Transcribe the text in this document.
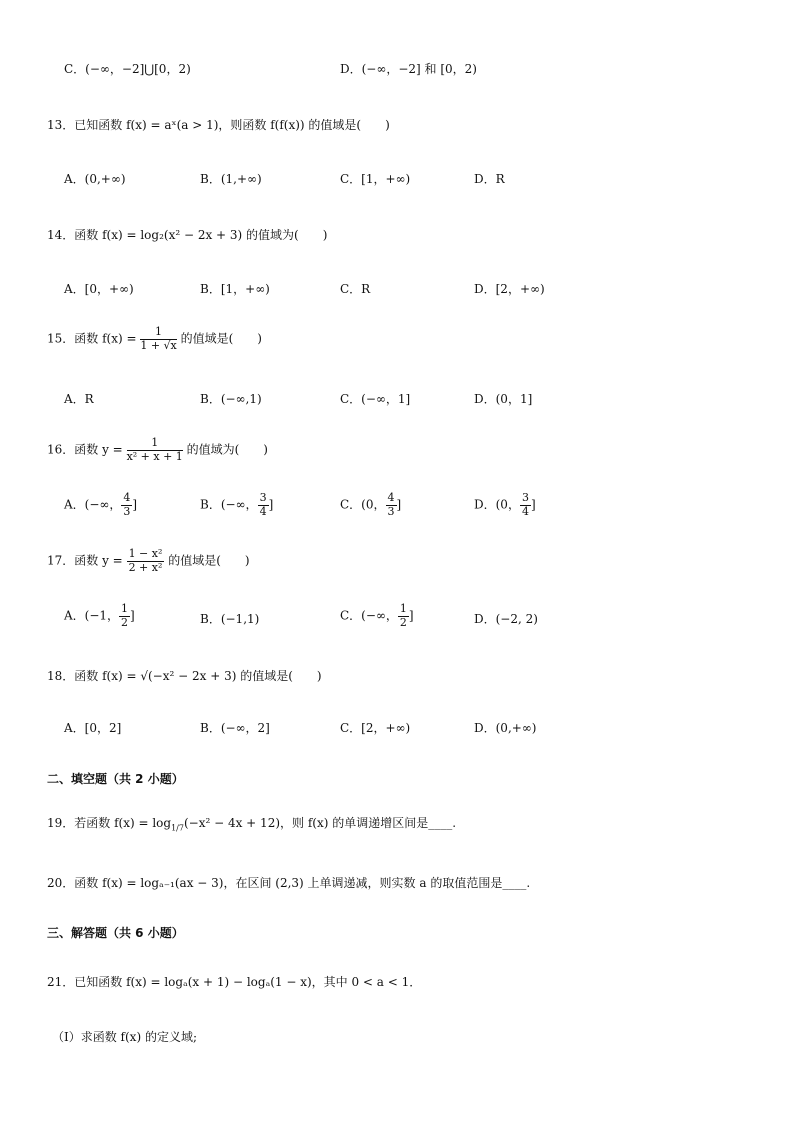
C．(−∞，−2]⋃[0，2)	D．(−∞，−2] 和 [0，2)
13．已知函数 f(x) = aˣ(a > 1)，则函数 f(f(x)) 的值域是(　　)
A．(0,+∞)	B．(1,+∞)	C．[1，+∞)	D．R
14．函数 f(x) = log₂(x² − 2x + 3) 的值域为(　　)
A．[0，+∞)	B．[1，+∞)	C．R	D．[2，+∞)
15．函数 $f(x) = \frac{1}{1 + √x}$ 的值域是(　　)
A．R	B．(−∞,1)	C．(−∞，1]	D．(0，1]
16．函数 $y = \frac{1}{\text{x² + x + 1}}$ 的值域为(　　)
A．(−∞， $\frac{4}{3}$ ]	B．(−∞， $\frac{3}{4}$ ]	C．(0， $\frac{4}{3}$ ]	D．(0， $\frac{3}{4}$ ]
17．函数 $y = \frac{\text{1 − x²}}{\text{2 + x²}}$ 的值域是(　　)
A．(−1， $\frac{1}{2}$ ]	B．(−1,1)	C．(−∞， $\frac{1}{2}$ ]	D．(−2, 2)
18．函数 f(x) = √(−x² − 2x + 3) 的值域是(　　)
A．[0，2]	B．(−∞，2]	C．[2，+∞)	D．(0,+∞)
二、填空题（共 2 小题）
19．若函数 $f(x) = \log_{1/7}(-x^2 - 4x + 12)$，则 f(x) 的单调递增区间是____.
20．函数 f(x) = logₐ₋₁(ax − 3)，在区间 (2,3) 上单调递减，则实数 a 的取值范围是____.
三、解答题（共 6 小题）
21．已知函数 f(x) = logₐ(x + 1) − logₐ(1 − x)，其中 0 < a < 1．
（Ⅰ）求函数 f(x) 的定义域;
